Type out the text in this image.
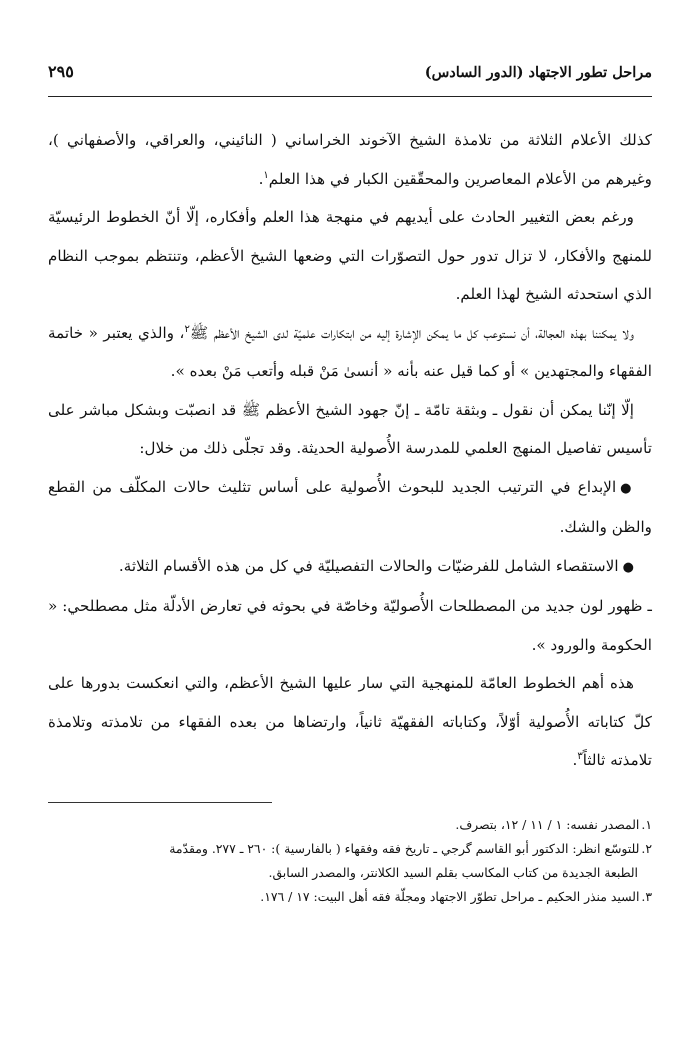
مراحل تطور الاجتهاد (الدور السادس)
٢٩٥

كذلك الأعلام الثلاثة من تلامذة الشيخ الآخوند الخراساني ( النائيني، والعراقي، والأصفهاني )، وغيرهم من الأعلام المعاصرين والمحقّقين الكبار في هذا العلم$^١$.

ورغم بعض التغيير الحادث على أيديهم في منهجة هذا العلم وأفكاره، إلّا أنّ الخطوط الرئيسيّة للمنهج والأفكار، لا تزال تدور حول التصوّرات التي وضعها الشيخ الأعظم، وتنتظم بموجب النظام الذي استحدثه الشيخ لهذا العلم.

ولا يمكننا بهذه العجالة، أن نستوعب كل ما يمكن الإشارة إليه من ابتكارات علميّة لدى الشيخ الأعظم ﷺ$^٢$، والذي يعتبر « خاتمة الفقهاء والمجتهدين » أو كما قيل عنه بأنه « أنسىٰ مَنْ قبله وأتعب مَنْ بعده ».

إلّا إنّنا يمكن أن نقول ـ وبثقة تامّة ـ إنّ جهود الشيخ الأعظم ﷺ قد انصبّت وبشكل مباشر على تأسيس تفاصيل المنهج العلمي للمدرسة الأُصولية الحديثة. وقد تجلّى ذلك من خلال:

●الإبداع في الترتيب الجديد للبحوث الأُصولية على أساس تثليث حالات المكلّف من القطع والظن والشك.

●الاستقصاء الشامل للفرضيّات والحالات التفصيليّة في كل من هذه الأقسام الثلاثة.

ـ ظهور لون جديد من المصطلحات الأُصوليّة وخاصّة في بحوثه في تعارض الأدلّة مثل مصطلحي: « الحكومة والورود ».

هذه أهم الخطوط العامّة للمنهجية التي سار عليها الشيخ الأعظم، والتي انعكست بدورها على كلّ كتاباته الأُصولية أوّلاً، وكتاباته الفقهيّة ثانياً، وارتضاها من بعده الفقهاء من تلامذته وتلامذة تلامذته ثالثاً$^٣$.

١.المصدر نفسه: ١ / ١١ / ١٢، بتصرف.

٢.للتوسّع انظر: الدكتور أبو القاسم گرجي ـ تاريخ فقه وفقهاء ( بالفارسية ): ٢٦٠ ـ ٢٧٧. ومقدّمة

الطبعة الجديدة من كتاب المكاسب بقلم السيد الكلانتر، والمصدر السابق.

٣.السيد منذر الحكيم ـ مراحل تطوّر الاجتهاد ومجلّة فقه أهل البيت: ١٧ / ١٧٦.
